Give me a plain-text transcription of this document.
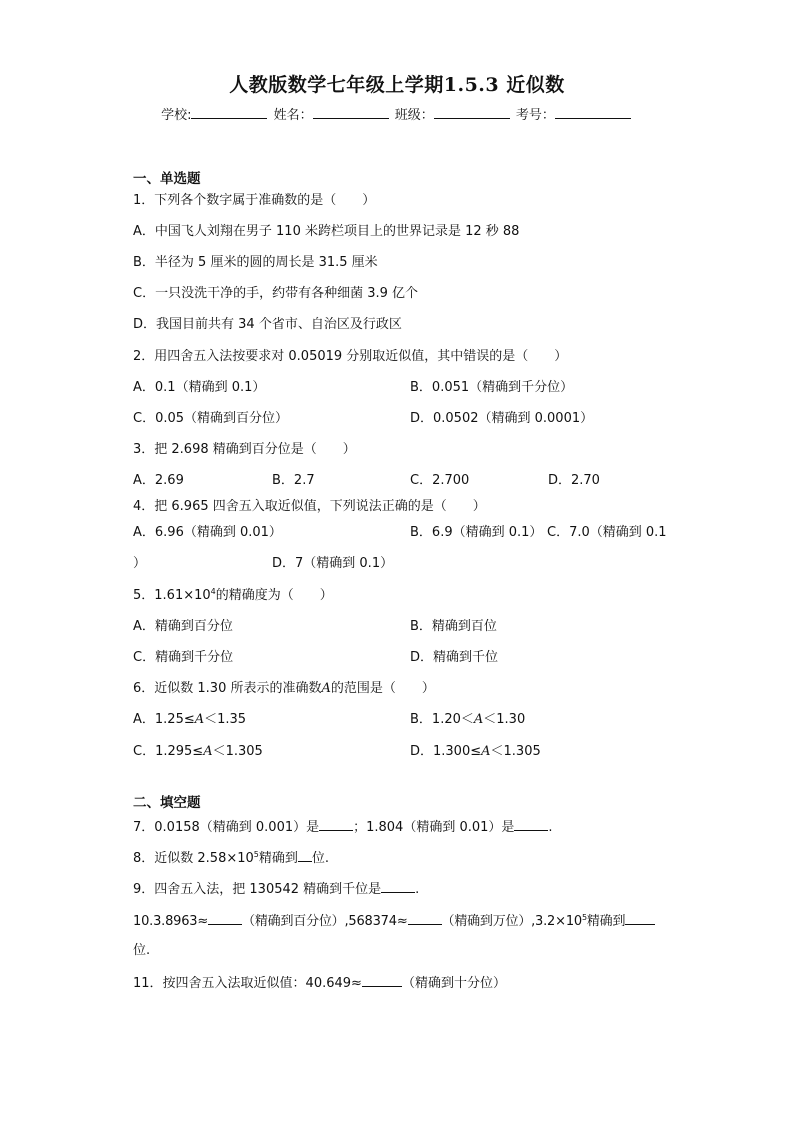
人教版数学七年级上学期1.5.3 近似数
学校:	姓名：	班级：	考号：
一、单选题
1．下列各个数字属于准确数的是（　　）
A．中国飞人刘翔在男子 110 米跨栏项目上的世界记录是 12 秒 88
B．半径为 5 厘米的圆的周长是 31.5 厘米
C．一只没洗干净的手，约带有各种细菌 3.9 亿个
D．我国目前共有 34 个省市、自治区及行政区
2．用四舍五入法按要求对 0.05019 分别取近似值，其中错误的是（　　）
A．0.1（精确到 0.1）	B．0.051（精确到千分位）
C．0.05（精确到百分位）	D．0.0502（精确到 0.0001）
3．把 2.698 精确到百分位是（　　）
A．2.69	B．2.7	C．2.700	D．2.70
4．把 6.965 四舍五入取近似值，下列说法正确的是（　　）
A．6.96（精确到 0.01）	B．6.9（精确到 0.1） C．7.0（精确到 0.1
）	D．7（精确到 0.1）
5．$1.61\times 10^4$的精确度为（　　）
A．精确到百分位	B．精确到百位
C．精确到千分位	D．精确到千位
6．近似数 1.30 所表示的准确数A的范围是（　　）
A．1.25≤A＜1.35	B．1.20＜A＜1.30
C．1.295≤A＜1.305	D．1.300≤A＜1.305
二、填空题
7．0.0158（精确到 0.001）是	；1.804（精确到 0.01）是	.
8．近似数 $2.58\times 10^5$精确到 位.
9．四舍五入法，把 130542 精确到千位是	.
10.3.8963≈	（精确到百分位）,568374≈	（精确到万位）$,3.2\times 10^5$精确到
位.
11．按四舍五入法取近似值：40.649≈	（精确到十分位）
